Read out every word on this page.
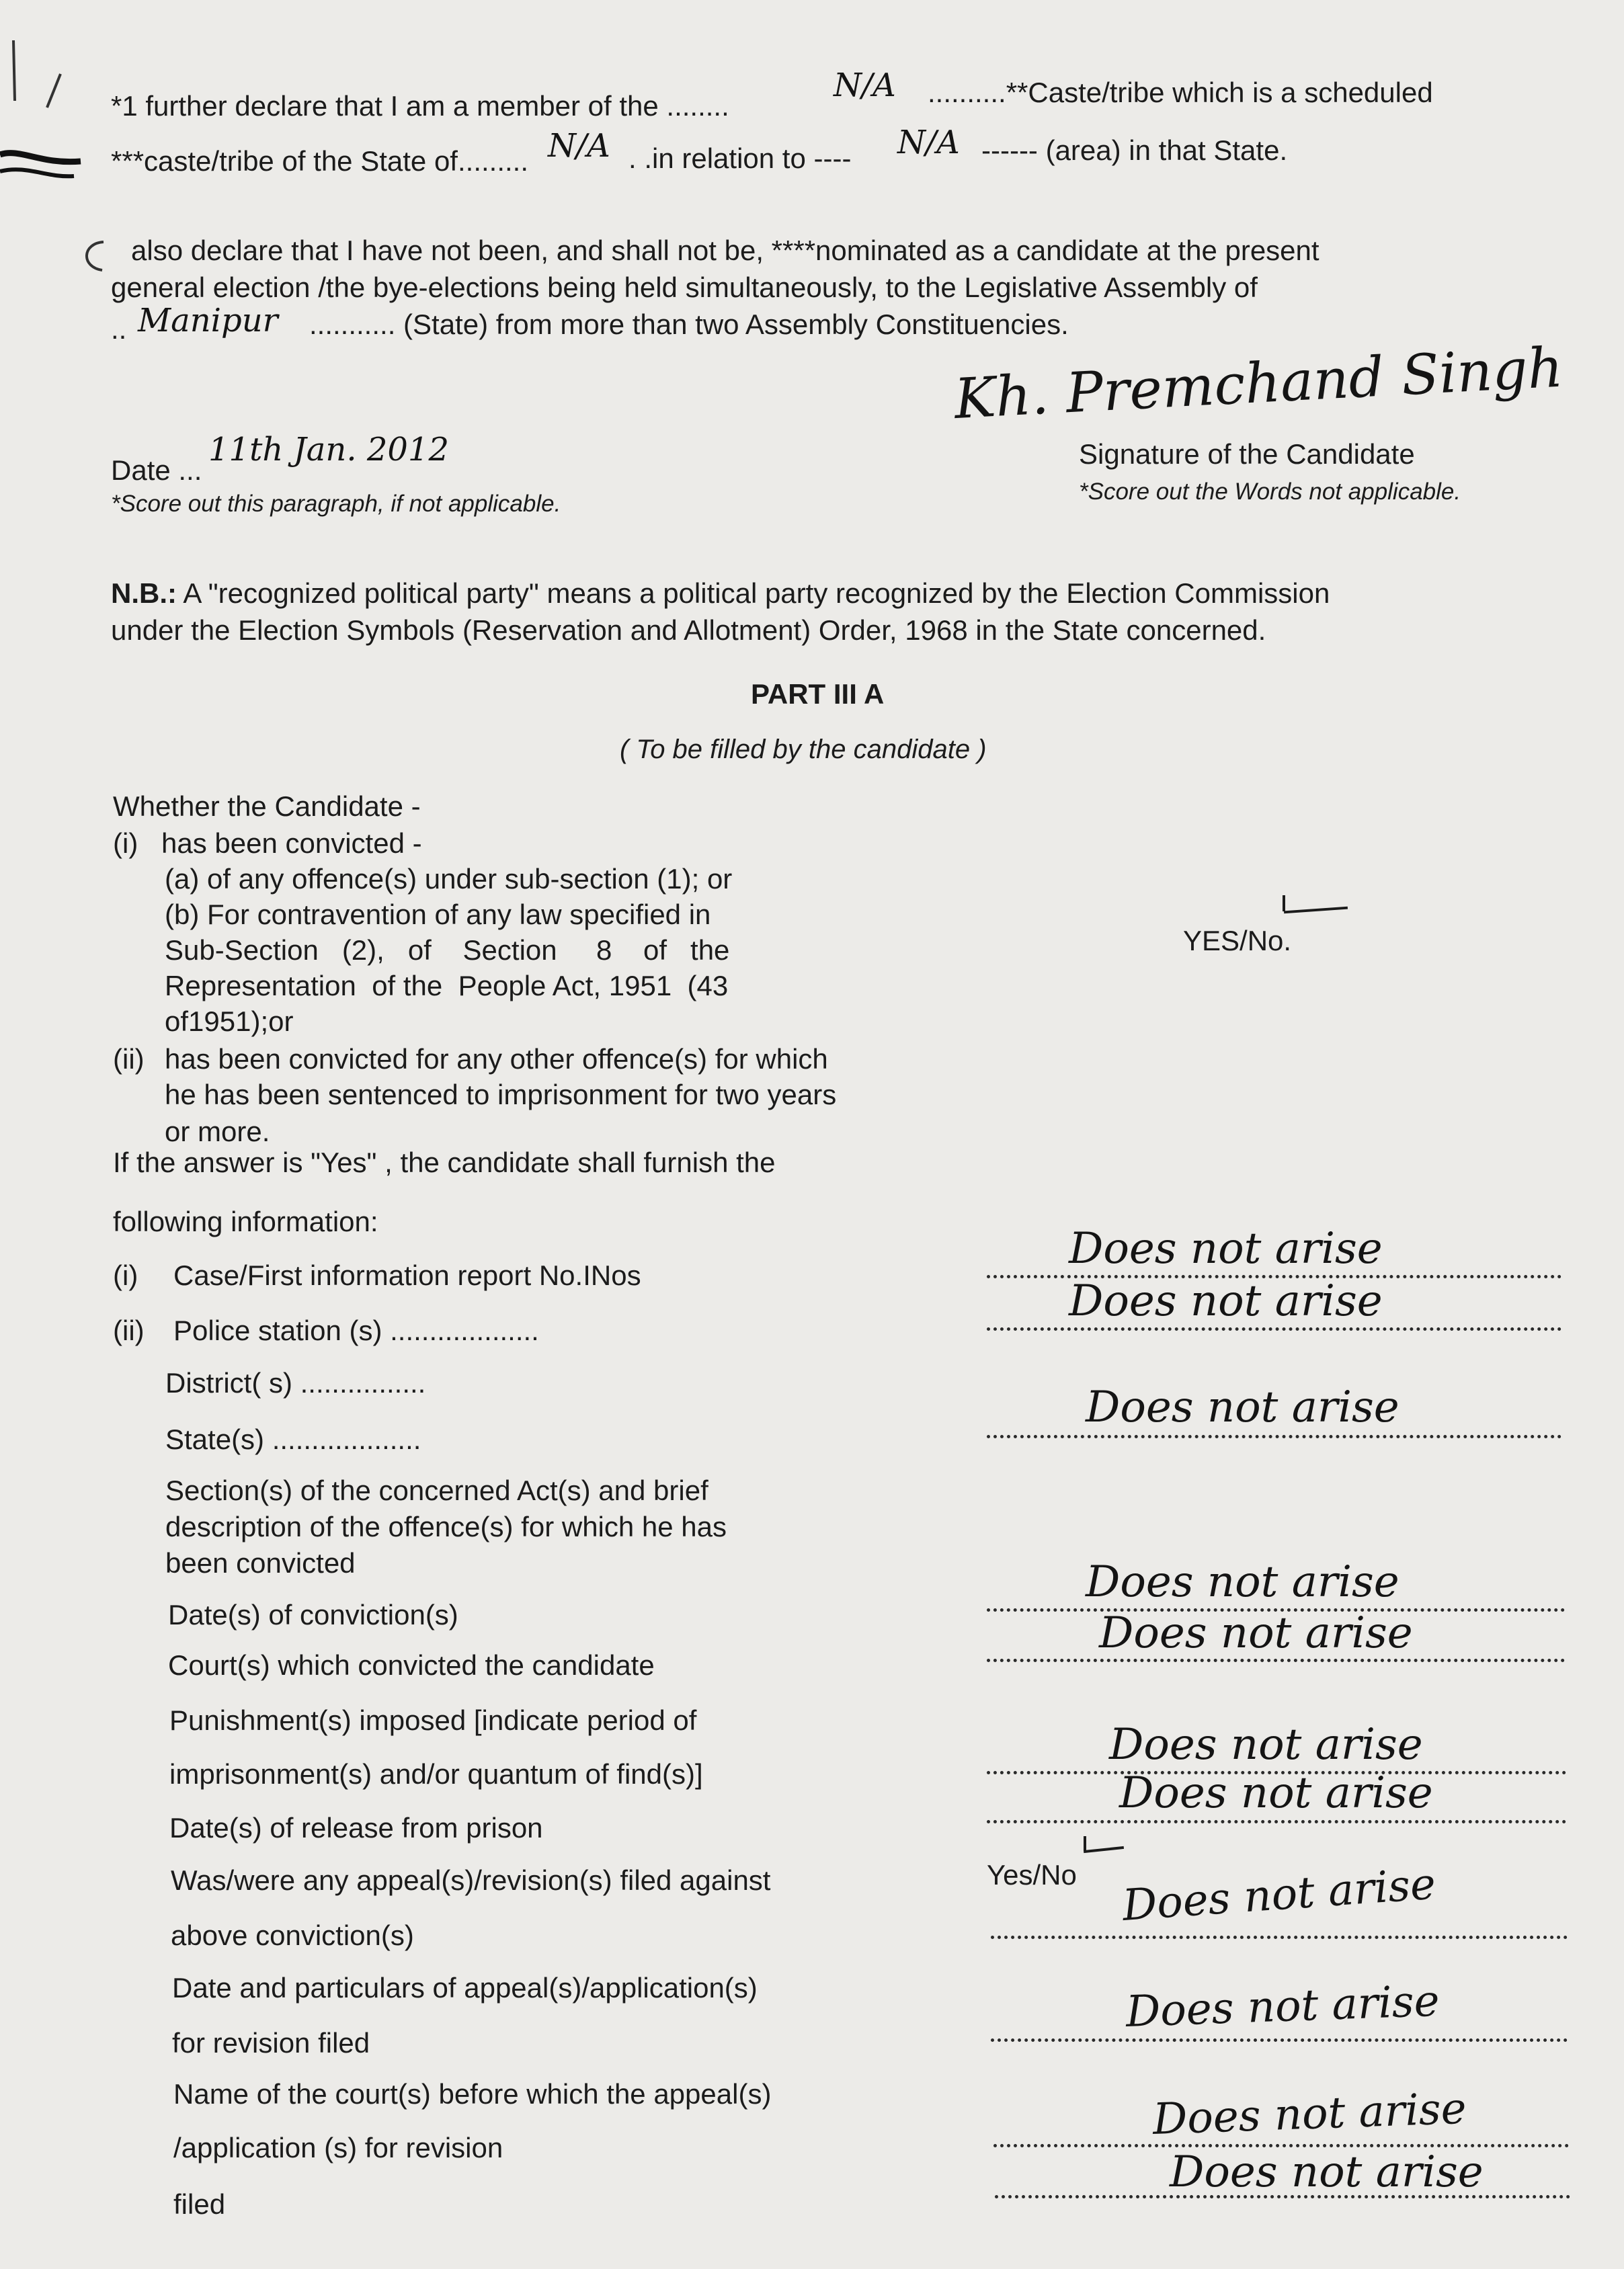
*1 further declare that I am a member of the ........
N/A ..........**Caste/tribe which is a scheduled
***caste/tribe of the State of......... N/A . .in relation to ---- N/A ------ (area) in that State.
also declare that I have not been, and shall not be, ****nominated as a candidate at the present
general election /the bye-elections being held simultaneously, to the Legislative Assembly of
.. Manipur ........... (State) from more than two Assembly Constituencies.
Kh. Premchand Singh
Signature of the Candidate
*Score out the Words not applicable.
Date ...
11th Jan. 2012
*Score out this paragraph, if not applicable.
N.B.: A "recognized political party" means a political party recognized by the Election Commission
under the Election Symbols (Reservation and Allotment) Order, 1968 in the State concerned.
PART III A
( To be filled by the candidate )
Whether the Candidate -
(i) has been convicted -
(a) of any offence(s) under sub-section (1); or
(b) For contravention of any law specified in
Sub-Section   (2),   of    Section     8    of   the
Representation  of the  People Act, 1951  (43
of1951);or
YES/No.
(ii) has been convicted for any other offence(s) for which
he has been sentenced to imprisonment for two years
or more.
If the answer is "Yes" , the candidate shall furnish the
following information:
(i) Case/First information report No.INos
(ii) Police station (s) ...................
District( s) ................
State(s) ...................
Section(s) of the concerned Act(s) and brief
description of the offence(s) for which he has
been convicted
Date(s) of conviction(s)
Court(s) which convicted the candidate
Punishment(s) imposed [indicate period of
imprisonment(s) and/or quantum of find(s)]
Date(s) of release from prison
Was/were any appeal(s)/revision(s) filed against
above conviction(s)
Yes/No
Date and particulars of appeal(s)/application(s)
for revision filed
Name of the court(s) before which the appeal(s)
/application (s) for revision
filed
Does not arise
Does not arise
Does not arise
Does not arise
Does not arise
Does not arise
Does not arise
Does not arise
Does not arise
Does not arise
Does not arise
